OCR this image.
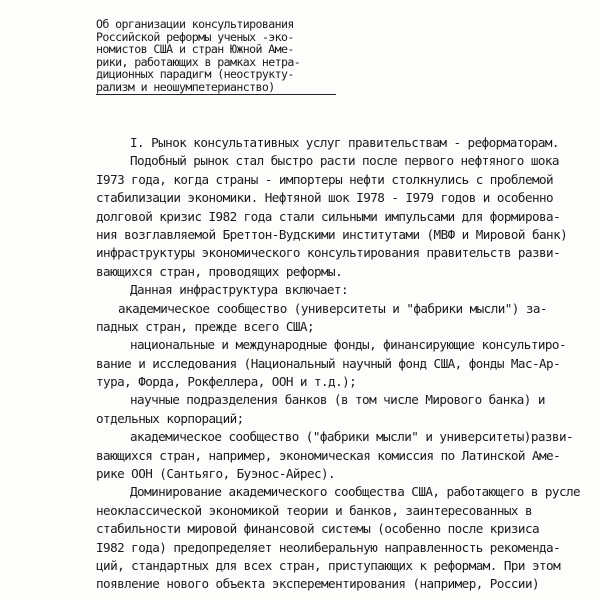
Об организации консультирования
Российской реформы ученых -эко-
номистов США и стран Южной Аме-
рики, работающих в рамках нетра-
диционных парадигм (неострукту-
рализм и неошумпетерианство)
I. Рынок консультативных услуг правительствам - реформаторам.
Подобный рынок стал быстро расти после первого нефтяного шока
I973 года, когда страны - импортеры нефти столкнулись с проблемой
стабилизации экономики. Нефтяной шок I978 - I979 годов и особенно
долговой кризис I982 года стали сильными импульсами для формирова-
ния возглавляемой Бреттон-Вудскими институтами (МВФ и Мировой банк)
инфраструктуры экономического консультирования правительств разви-
вающихся стран, проводящих реформы.
Данная инфраструктура включает:
академическое сообщество (университеты и "фабрики мысли") за-
падных стран, прежде всего США;
национальные и международные фонды, финансирующие консультиро-
вание и исследования (Национальный научный фонд США, фонды Мас-Ар-
тура, Форда, Рокфеллера, ООН и т.д.);
научные подразделения банков (в том числе Мирового банка) и
отдельных корпораций;
академическое сообщество ("фабрики мысли" и университеты)разви-
вающихся стран, например, экономическая комиссия по Латинской Аме-
рике ООН (Сантьяго, Буэнос-Айрес).
Доминирование академического сообщества США, работающего в русле
неоклассической экономикой теории и банков, заинтересованных в
стабильности мировой финансовой системы (особенно после кризиса
I982 года) предопределяет неолиберальную направленность рекоменда-
ций, стандартных для всех стран, приступающих к реформам. При этом
появление нового объекта эксперементирования (например, России)
